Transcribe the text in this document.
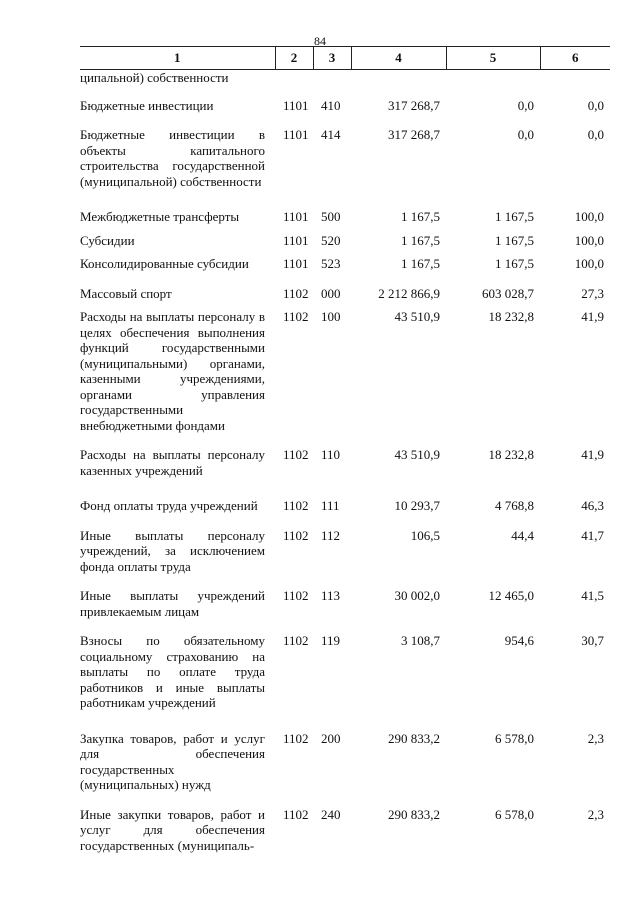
84
1	2	3	4	5	6
ципальной) собственности					
Бюджетные инвестиции	1101	410	317 268,7	0,0	0,0
Бюджетные инвестиции в объекты капитального строительства государственной (муниципальной) собственности	1101	414	317 268,7	0,0	0,0
Межбюджетные трансферты	1101	500	1 167,5	1 167,5	100,0
Субсидии	1101	520	1 167,5	1 167,5	100,0
Консолидированные субсидии	1101	523	1 167,5	1 167,5	100,0
Массовый спорт	1102	000	2 212 866,9	603 028,7	27,3
Расходы на выплаты персоналу в целях обеспечения выполнения функций государственными (муниципальными) органами, казенными учреждениями, органами управления государственными внебюджетными фондами	1102	100	43 510,9	18 232,8	41,9
Расходы на выплаты персоналу казенных учреждений	1102	110	43 510,9	18 232,8	41,9
Фонд оплаты труда учреждений	1102	111	10 293,7	4 768,8	46,3
Иные выплаты персоналу учреждений, за исключением фонда оплаты труда	1102	112	106,5	44,4	41,7
Иные выплаты учреждений привлекаемым лицам	1102	113	30 002,0	12 465,0	41,5
Взносы по обязательному социальному страхованию на выплаты по оплате труда работников и иные выплаты работникам учреждений	1102	119	3 108,7	954,6	30,7
Закупка товаров, работ и услуг для обеспечения государственных (муниципальных) нужд	1102	200	290 833,2	6 578,0	2,3
Иные закупки товаров, работ и услуг для обеспечения государственных (муниципаль-	1102	240	290 833,2	6 578,0	2,3
